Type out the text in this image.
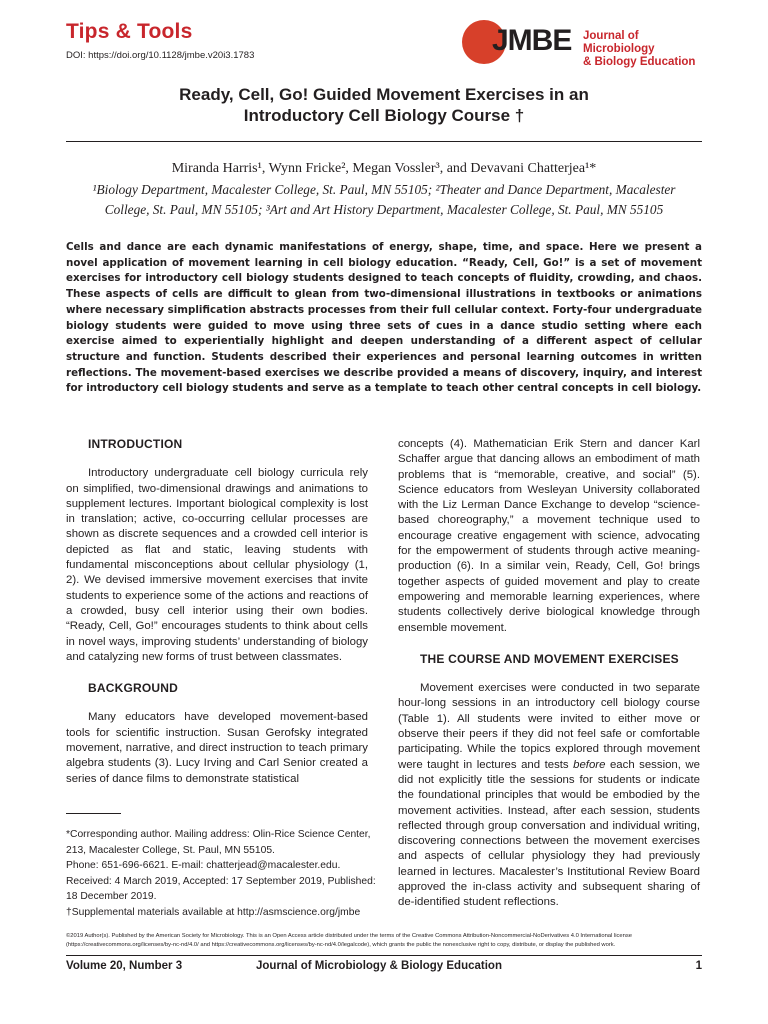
Tips & Tools
DOI: https://doi.org/10.1128/jmbe.v20i3.1783	JMBE Journal of Microbiology
& Biology Education
Ready, Cell, Go! Guided Movement Exercises in an
Introductory Cell Biology Course †
Miranda Harris¹, Wynn Fricke², Megan Vossler³, and Devavani Chatterjea¹*
¹Biology Department, Macalester College, St. Paul, MN 55105; ²Theater and Dance Department, Macalester
College, St. Paul, MN 55105; ³Art and Art History Department, Macalester College, St. Paul, MN 55105
Cells and dance are each dynamic manifestations of energy, shape, time, and space. Here we present a novel application of movement learning in cell biology education. “Ready, Cell, Go!” is a set of movement exercises for introductory cell biology students designed to teach concepts of fluidity, crowding, and chaos. These aspects of cells are difficult to glean from two-dimensional illustrations in textbooks or animations where necessary simplification abstracts processes from their full cellular context. Forty-four undergraduate biology students were guided to move using three sets of cues in a dance studio setting where each exercise aimed to experientially highlight and deepen understanding of a different aspect of cellular structure and function. Students described their experiences and personal learning outcomes in written reflections. The movement-based exercises we describe provided a means of discovery, inquiry, and interest for introductory cell biology students and serve as a template to teach other central concepts in cell biology.

INTRODUCTION

Introductory undergraduate cell biology curricula rely on simplified, two-dimensional drawings and animations to supplement lectures. Important biological complexity is lost in translation; active, co-occurring cellular processes are shown as discrete sequences and a crowded cell interior is depicted as flat and static, leaving students with fundamental misconceptions about cellular physiology (1, 2). We devised immersive movement exercises that invite students to experience some of the actions and reactions of a crowded, busy cell interior using their own bodies. “Ready, Cell, Go!” encourages students to think about cells in novel ways, improving students’ understanding of biology and catalyzing new forms of trust between classmates.

BACKGROUND

Many educators have developed movement-based tools for scientific instruction. Susan Gerofsky integrated movement, narrative, and direct instruction to teach primary algebra students (3). Lucy Irving and Carl Senior created a series of dance films to demonstrate statistical

concepts (4). Mathematician Erik Stern and dancer Karl Schaffer argue that dancing allows an embodiment of math problems that is “memorable, creative, and social” (5). Science educators from Wesleyan University collaborated with the Liz Lerman Dance Exchange to develop “science-based choreography,” a movement technique used to encourage creative engagement with science, advocating for the empowerment of students through active meaning-production (6). In a similar vein, Ready, Cell, Go! brings together aspects of guided movement and play to create empowering and memorable learning experiences, where students collectively derive biological knowledge through ensemble movement.

THE COURSE AND MOVEMENT EXERCISES

Movement exercises were conducted in two separate hour-long sessions in an introductory cell biology course (Table 1). All students were invited to either move or observe their peers if they did not feel safe or comfortable participating. While the topics explored through movement were taught in lectures and tests before each session, we did not explicitly title the sessions for students or indicate the foundational principles that would be embodied by the movement activities. Instead, after each session, students reflected through group conversation and individual writing, discovering connections between the movement exercises and aspects of cellular physiology they had previously learned in lectures. Macalester’s Institutional Review Board approved the in-class activity and subsequent sharing of de-identified student reflections.

*Corresponding author. Mailing address: Olin-Rice Science Center, 213, Macalester College, St. Paul, MN 55105.
Phone: 651-696-6621. E-mail: chatterjead@macalester.edu.
Received: 4 March 2019, Accepted: 17 September 2019, Published: 18 December 2019.
†Supplemental materials available at http://asmscience.org/jmbe
©2019 Author(s). Published by the American Society for Microbiology. This is an Open Access article distributed under the terms of the Creative Commons Attribution-Noncommercial-NoDerivatives 4.0 International license (https://creativecommons.org/licenses/by-nc-nd/4.0/ and https://creativecommons.org/licenses/by-nc-nd/4.0/legalcode), which grants the public the nonexclusive right to copy, distribute, or display the published work.
Volume 20, Number 3	Journal of Microbiology & Biology Education	1
